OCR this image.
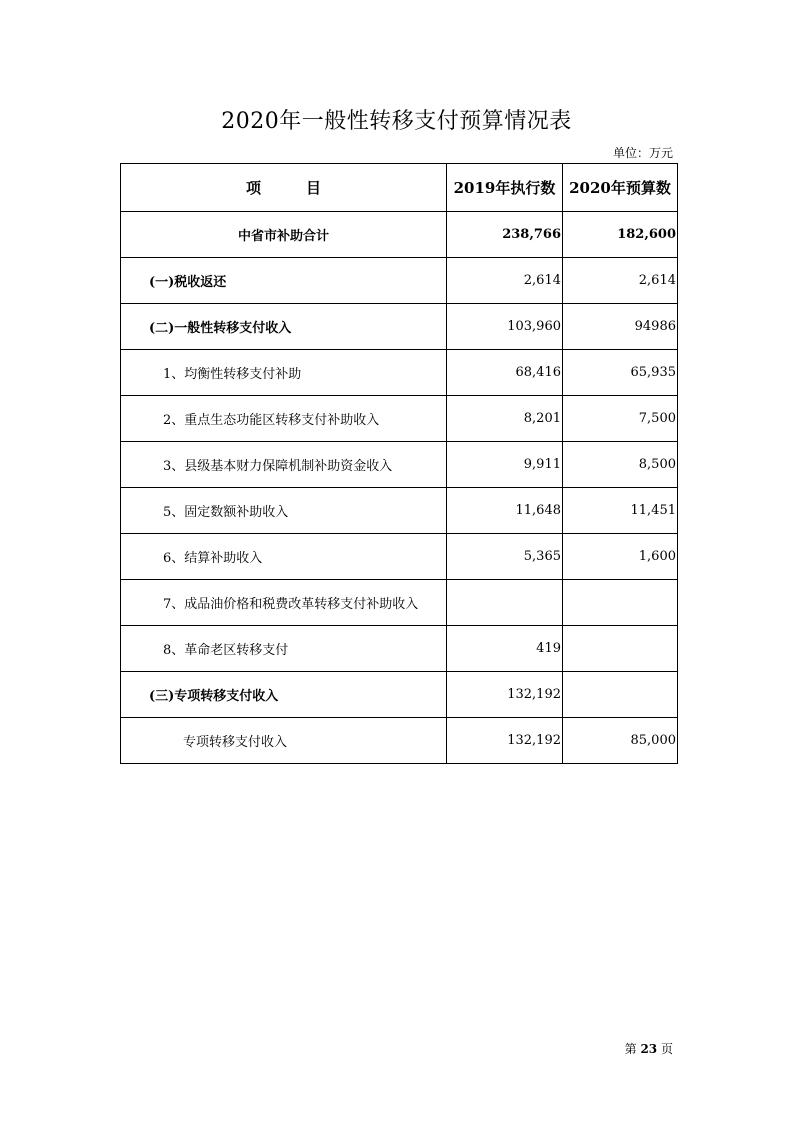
2020年一般性转移支付预算情况表
单位：万元
项　　　目	2019年执行数	2020年预算数
中省市补助合计	238,766	182,600
(一)税收返还	2,614	2,614
(二)一般性转移支付收入	103,960	94986
1、均衡性转移支付补助	68,416	65,935
2、重点生态功能区转移支付补助收入	8,201	7,500
3、县级基本财力保障机制补助资金收入	9,911	8,500
5、固定数额补助收入	11,648	11,451
6、结算补助收入	5,365	1,600
7、成品油价格和税费改革转移支付补助收入		
8、革命老区转移支付	419	
(三)专项转移支付收入	132,192	
专项转移支付收入	132,192	85,000
第 23 页
